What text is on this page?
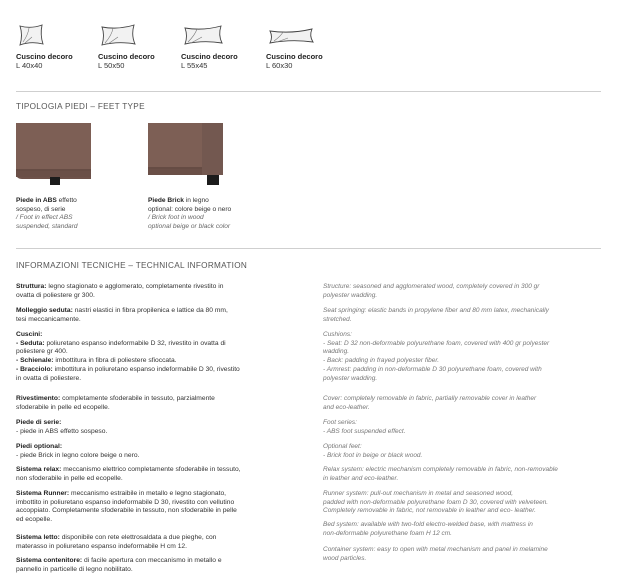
Cuscino decoro
L 40x40
Cuscino decoro
L 50x50
Cuscino decoro
L 55x45
Cuscino decoro
L 60x30
TIPOLOGIA PIEDI – FEET TYPE
Piede in ABS effetto
sospeso, di serie
/ Foot in effect ABS
suspended, standard
Piede Brick in legno
optional: colore beige o nero
/ Brick foot in wood
optional beige or black color
INFORMAZIONI TECNICHE – TECHNICAL INFORMATION
Struttura: legno stagionato e agglomerato, completamente rivestito in
ovatta di poliestere gr 300.
Molleggio seduta: nastri elastici in fibra propilenica e lattice da 80 mm,
tesi meccanicamente.
Cuscini:
- Seduta: poliuretano espanso indeformabile D 32, rivestito in ovatta di
poliestere gr 400.
- Schienale: imbottitura in fibra di poliestere sfioccata.
- Bracciolo: imbottitura in poliuretano espanso indeformabile D 30, rivestito
in ovatta di poliestere.
Rivestimento: completamente sfoderabile in tessuto, parzialmente
sfoderabile in pelle ed ecopelle.
Piede di serie:
- piede in ABS effetto sospeso.
Piedi optional:
- piede Brick in legno colore beige o nero.
Sistema relax: meccanismo elettrico completamente sfoderabile in tessuto,
non sfoderabile in pelle ed ecopelle.
Sistema Runner: meccanismo estraibile in metallo e legno stagionato,
imbottito in poliuretano espanso indeformabile D 30, rivestito con vellutino
accoppiato. Completamente sfoderabile in tessuto, non sfoderabile in pelle
ed ecopelle.
Sistema letto: disponibile con rete elettrosaldata a due pieghe, con
materasso in poliuretano espanso indeformabile H cm 12.
Sistema contenitore: di facile apertura con meccanismo in metallo e
pannello in particelle di legno nobilitato.
Structure: seasoned and agglomerated wood, completely covered in 300 gr
polyester wadding.
Seat springing: elastic bands in propylene fiber and 80 mm latex, mechanically
stretched.
Cushions:
- Seat: D 32 non-deformable polyurethane foam, covered with 400 gr polyester
wadding.
- Back: padding in frayed polyester fiber.
- Armrest: padding in non-deformable D 30 polyurethane foam, covered with
polyester wadding.
Cover: completely removable in fabric, partially removable cover in leather
and eco-leather.
Foot series:
- ABS foot suspended effect.
Optional feet:
- Brick foot in beige or black wood.
Relax system: electric mechanism completely removable in fabric, non-removable
in leather and eco-leather.
Runner system: pull-out mechanism in metal and seasoned wood,
padded with non-deformable polyurethane foam D 30, covered with velveteen.
Completely removable in fabric, not removable in leather and eco- leather.
Bed system: available with two-fold electro-welded base, with mattress in
non-deformable polyurethane foam H 12 cm.
Container system: easy to open with metal mechanism and panel in melamine
wood particles.
